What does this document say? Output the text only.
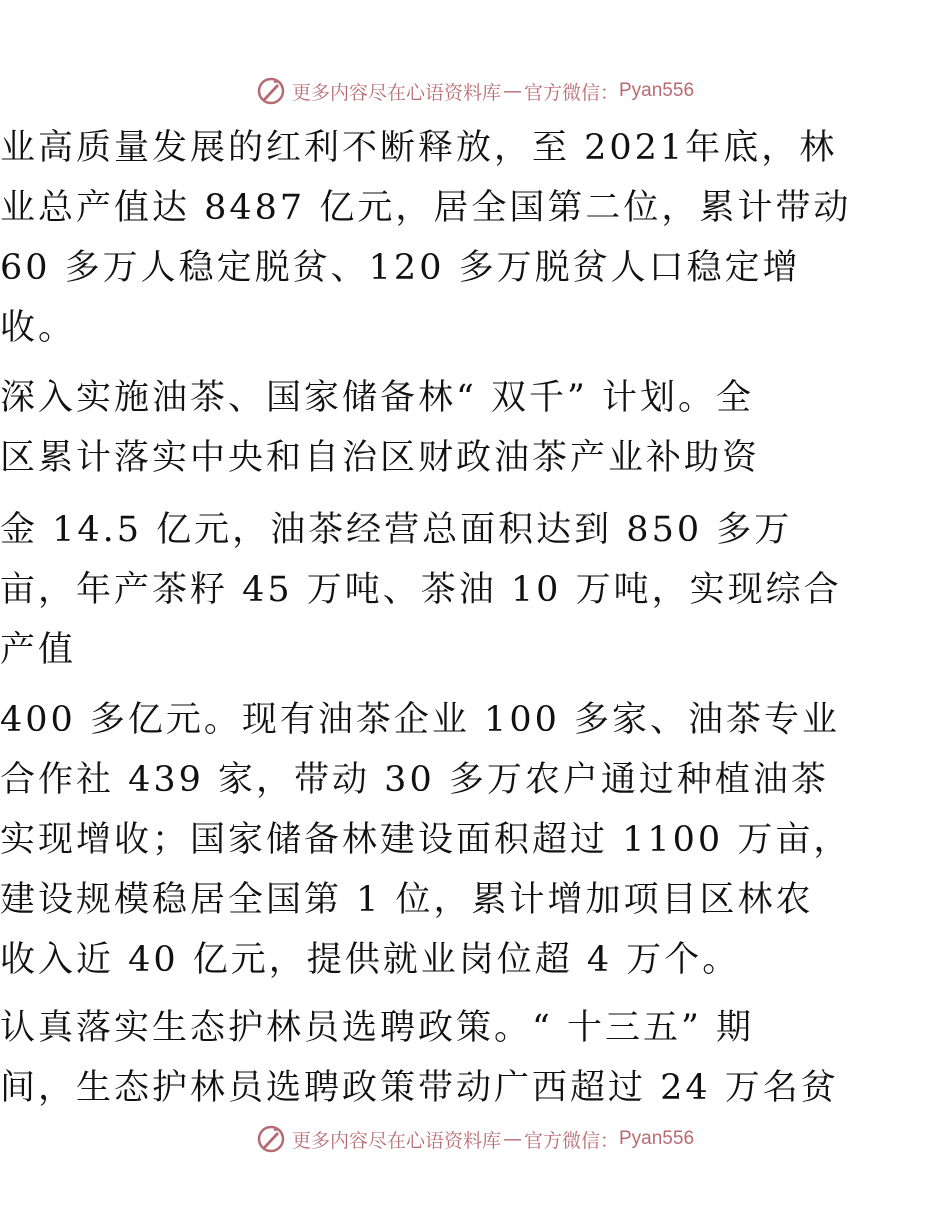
更多内容尽在心语资料库 — 官方微信： Pyan556
业高质量发展的红利不断释放，至 2021年底，林
业总产值达 8487 亿元，居全国第二位，累计带动
60 多万人稳定脱贫、120 多万脱贫人口稳定增
收。
深入实施油茶、国家储备林“ 双千” 计划。全
区累计落实中央和自治区财政油茶产业补助资
金 14.5 亿元，油茶经营总面积达到 850 多万
亩，年产茶籽 45 万吨、茶油 10 万吨，实现综合
产值
400 多亿元。现有油茶企业 100 多家、油茶专业
合作社 439 家，带动 30 多万农户通过种植油茶
实现增收；国家储备林建设面积超过 1100 万亩，
建设规模稳居全国第 1 位，累计增加项目区林农
收入近 40 亿元，提供就业岗位超 4 万个。
认真落实生态护林员选聘政策。“ 十三五” 期
间，生态护林员选聘政策带动广西超过 24 万名贫
更多内容尽在心语资料库 — 官方微信： Pyan556
